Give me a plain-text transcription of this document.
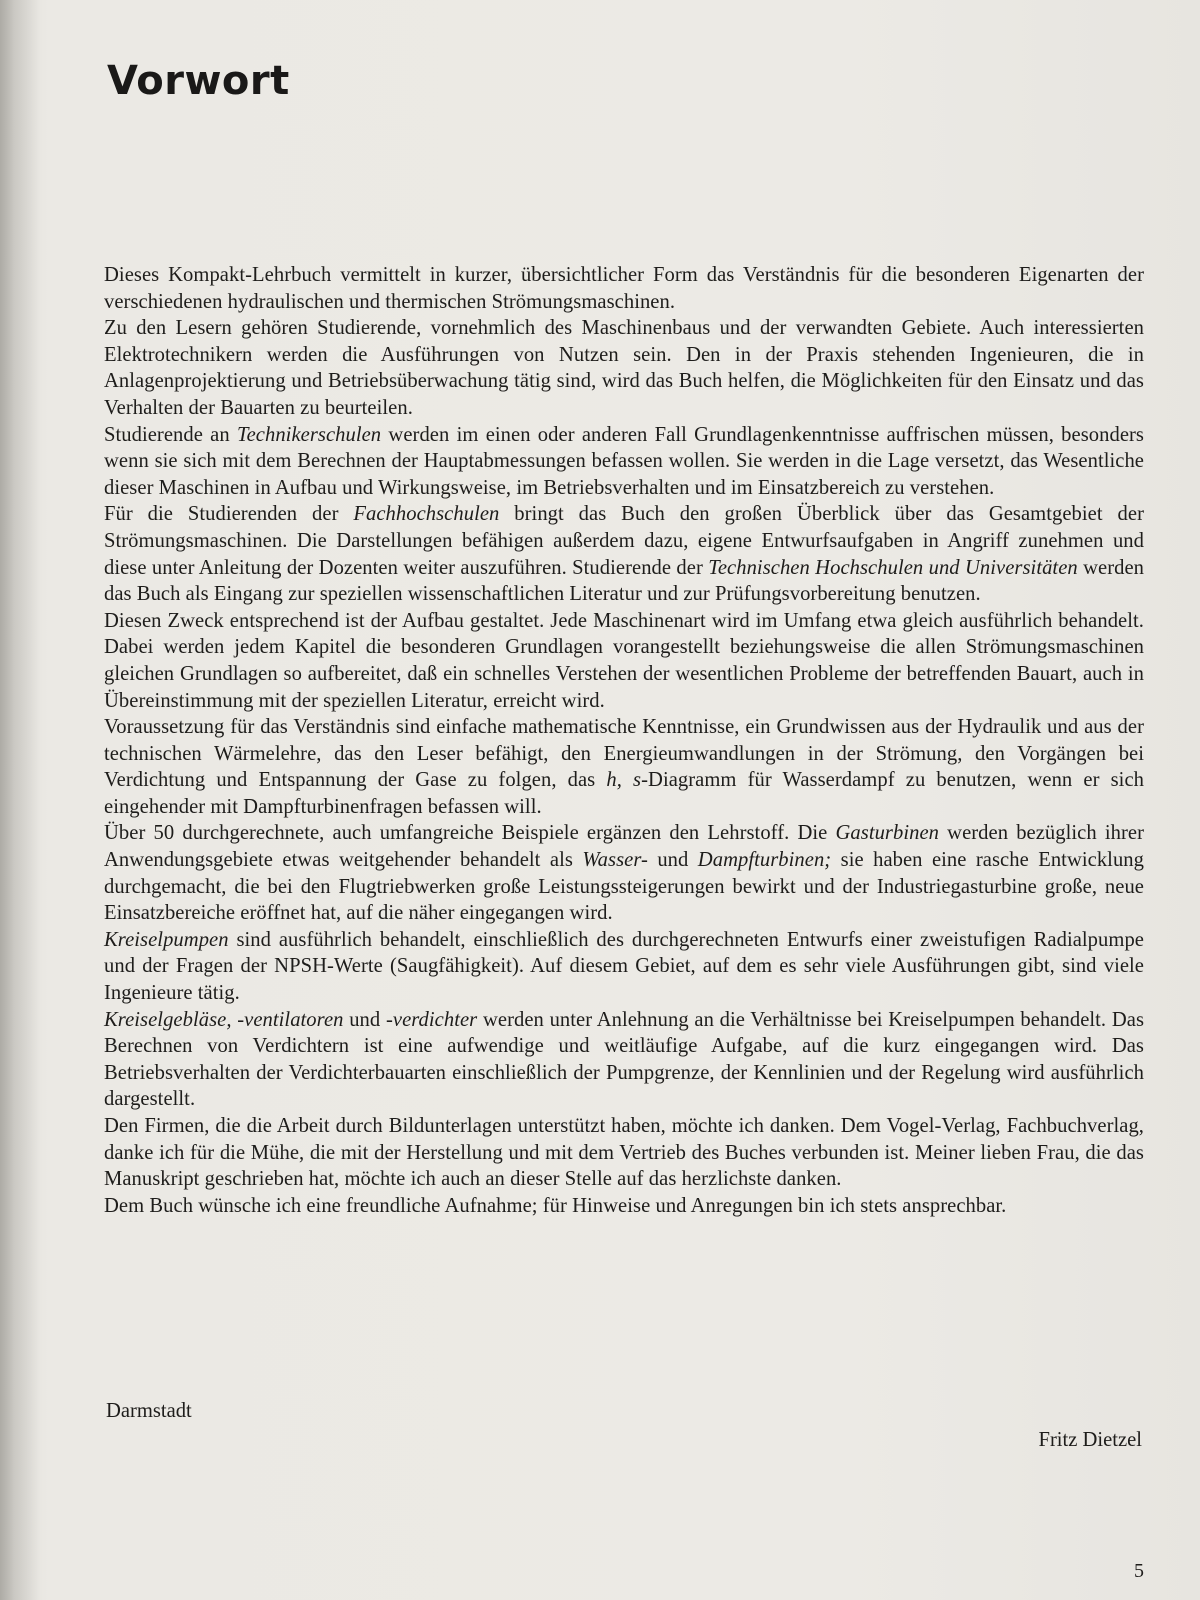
Vorwort

Dieses Kompakt-Lehrbuch vermittelt in kurzer, übersichtlicher Form das Verständnis für die besonderen Eigenarten der verschiedenen hydraulischen und thermischen Strömungsmaschinen.

Zu den Lesern gehören Studierende, vornehmlich des Maschinenbaus und der verwandten Gebiete. Auch interessierten Elektrotechnikern werden die Ausführungen von Nutzen sein. Den in der Praxis stehenden Ingenieuren, die in Anlagenprojektierung und Betriebsüberwachung tätig sind, wird das Buch helfen, die Möglichkeiten für den Einsatz und das Verhalten der Bauarten zu beurteilen.

Studierende an Technikerschulen werden im einen oder anderen Fall Grundlagenkenntnisse auffrischen müssen, besonders wenn sie sich mit dem Berechnen der Hauptabmessungen befassen wollen. Sie werden in die Lage versetzt, das Wesentliche dieser Maschinen in Aufbau und Wirkungsweise, im Betriebsverhalten und im Einsatzbereich zu verstehen.

Für die Studierenden der Fachhochschulen bringt das Buch den großen Überblick über das Gesamtgebiet der Strömungsmaschinen. Die Darstellungen befähigen außerdem dazu, eigene Entwurfsaufgaben in Angriff zunehmen und diese unter Anleitung der Dozenten weiter auszuführen. Studierende der Technischen Hochschulen und Universitäten werden das Buch als Eingang zur speziellen wissenschaftlichen Literatur und zur Prüfungsvorbereitung benutzen.

Diesen Zweck entsprechend ist der Aufbau gestaltet. Jede Maschinenart wird im Umfang etwa gleich ausführlich behandelt. Dabei werden jedem Kapitel die besonderen Grundlagen vorangestellt beziehungsweise die allen Strömungsmaschinen gleichen Grundlagen so aufbereitet, daß ein schnelles Verstehen der wesentlichen Probleme der betreffenden Bauart, auch in Übereinstimmung mit der speziellen Literatur, erreicht wird.

Voraussetzung für das Verständnis sind einfache mathematische Kenntnisse, ein Grundwissen aus der Hydraulik und aus der technischen Wärmelehre, das den Leser befähigt, den Energieumwandlungen in der Strömung, den Vorgängen bei Verdichtung und Entspannung der Gase zu folgen, das h, s-Diagramm für Wasserdampf zu benutzen, wenn er sich eingehender mit Dampfturbinenfragen befassen will.

Über 50 durchgerechnete, auch umfangreiche Beispiele ergänzen den Lehrstoff. Die Gasturbinen werden bezüglich ihrer Anwendungsgebiete etwas weitgehender behandelt als Wasser- und Dampfturbinen; sie haben eine rasche Entwicklung durchgemacht, die bei den Flugtriebwerken große Leistungssteigerungen bewirkt und der Industriegasturbine große, neue Einsatzbereiche eröffnet hat, auf die näher eingegangen wird.

Kreiselpumpen sind ausführlich behandelt, einschließlich des durchgerechneten Entwurfs einer zweistufigen Radialpumpe und der Fragen der NPSH-Werte (Saugfähigkeit). Auf diesem Gebiet, auf dem es sehr viele Ausführungen gibt, sind viele Ingenieure tätig.

Kreiselgebläse, -ventilatoren und -verdichter werden unter Anlehnung an die Verhältnisse bei Kreiselpumpen behandelt. Das Berechnen von Verdichtern ist eine aufwendige und weitläufige Aufgabe, auf die kurz eingegangen wird. Das Betriebsverhalten der Verdichterbauarten einschließlich der Pumpgrenze, der Kennlinien und der Regelung wird ausführlich dargestellt.

Den Firmen, die die Arbeit durch Bildunterlagen unterstützt haben, möchte ich danken. Dem Vogel-Verlag, Fachbuchverlag, danke ich für die Mühe, die mit der Herstellung und mit dem Vertrieb des Buches verbunden ist. Meiner lieben Frau, die das Manuskript geschrieben hat, möchte ich auch an dieser Stelle auf das herzlichste danken.

Dem Buch wünsche ich eine freundliche Aufnahme; für Hinweise und Anregungen bin ich stets ansprechbar.

Darmstadt
Fritz Dietzel
5
